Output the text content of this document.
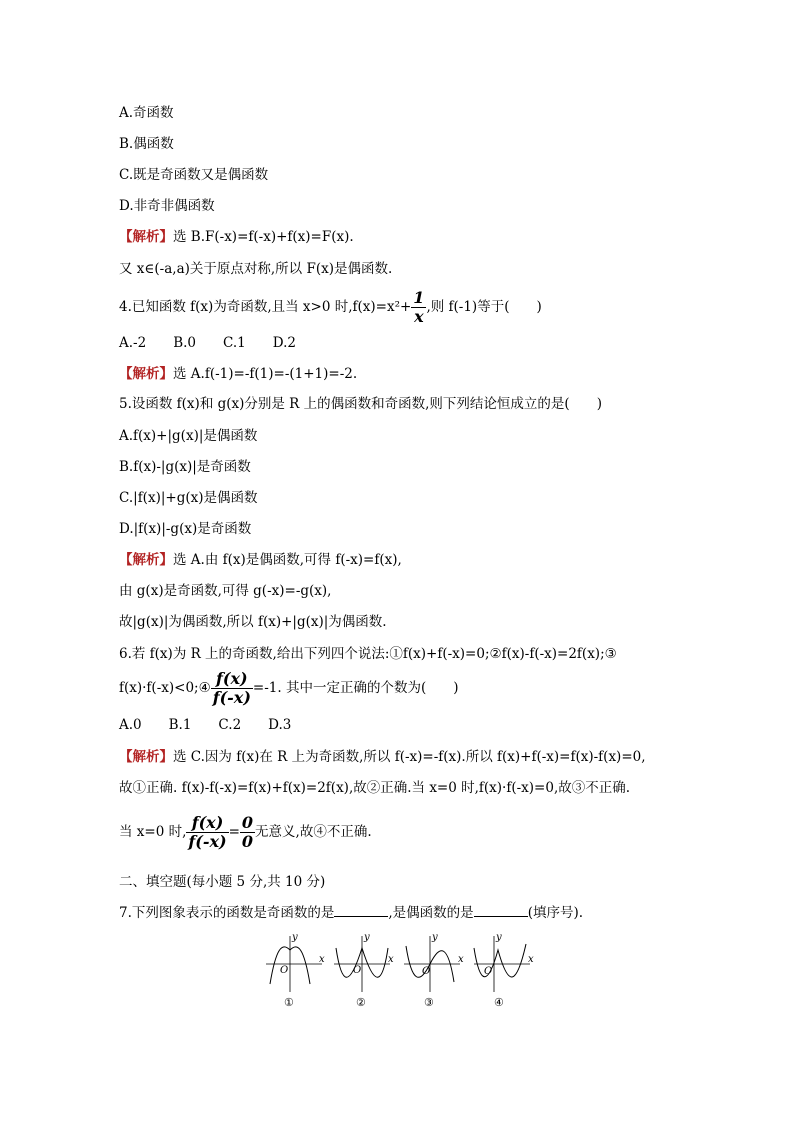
A.奇函数
B.偶函数
C.既是奇函数又是偶函数
D.非奇非偶函数
【解析】选 B.F(-x)=f(-x)+f(x)=F(x).
又 x∈(-a,a)关于原点对称,所以 F(x)是偶函数.
4.已知函数 f(x)为奇函数,且当 x>0 时$,f(x)=x^2+ \frac{1}{x}$ ,则 f(-1)等于(　　)
A.-2　　B.0　　C.1　　D.2
【解析】选 A.f(-1)=-f(1)=-(1+1)=-2.
5.设函数 f(x)和 g(x)分别是 R 上的偶函数和奇函数,则下列结论恒成立的是(　　)
A.f(x)+|g(x)|是偶函数
B.f(x)-|g(x)|是奇函数
C.|f(x)|+g(x)是偶函数
D.|f(x)|-g(x)是奇函数
【解析】选 A.由 f(x)是偶函数,可得 f(-x)=f(x),
由 g(x)是奇函数,可得 g(-x)=-g(x),
故|g(x)|为偶函数,所以 f(x)+|g(x)|为偶函数.
6.若 f(x)为 R 上的奇函数,给出下列四个说法:①f(x)+f(-x)=0;②f(x)-f(-x)=2f(x);③
f(x)·f(-x)<0;④ $\frac{f(x)}{f(-x)} =-1$. 其中一定正确的个数为(　　)
A.0　　B.1　　C.2　　D.3
【解析】选 C.因为 f(x)在 R 上为奇函数,所以 f(-x)=-f(x).所以 f(x)+f(-x)=f(x)-f(x)=0,
故①正确. f(x)-f(-x)=f(x)+f(x)=2f(x),故②正确.当 x=0 时,f(x)·f(-x)=0,故③不正确.
当 x=0 时, $\frac{f(x)}{f(-x)} = \frac{0}{0}$ 无意义,故④不正确.
二、填空题(每小题 5 分,共 10 分)
7.下列图象表示的函数是奇函数的是	,是偶函数的是	(填序号).
y
x
O
①
y
x
O
②
y
x
O
③
y
x
O
④
